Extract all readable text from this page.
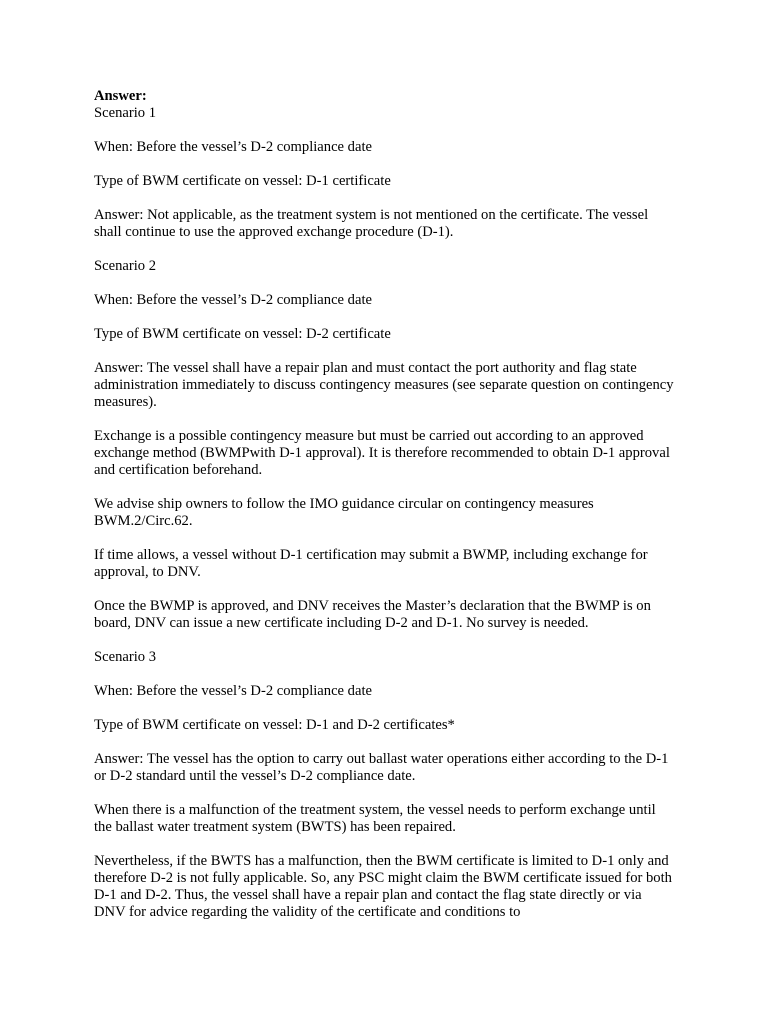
Answer:

Scenario 1

When: Before the vessel’s D-2 compliance date

Type of BWM certificate on vessel: D-1 certificate

Answer: Not applicable, as the treatment system is not mentioned on the certificate. The vessel shall continue to use the approved exchange procedure (D-1).

Scenario 2

When: Before the vessel’s D-2 compliance date

Type of BWM certificate on vessel: D-2 certificate

Answer: The vessel shall have a repair plan and must contact the port authority and flag state administration immediately to discuss contingency measures (see separate question on contingency measures).

Exchange is a possible contingency measure but must be carried out according to an approved exchange method (BWMPwith D-1 approval). It is therefore recommended to obtain D-1 approval and certification beforehand.

We advise ship owners to follow the IMO guidance circular on contingency measures BWM.2/Circ.62.

If time allows, a vessel without D-1 certification may submit a BWMP, including exchange for approval, to DNV.

Once the BWMP is approved, and DNV receives the Master’s declaration that the BWMP is on board, DNV can issue a new certificate including D-2 and D-1. No survey is needed.

Scenario 3

When: Before the vessel’s D-2 compliance date

Type of BWM certificate on vessel: D-1 and D-2 certificates*

Answer: The vessel has the option to carry out ballast water operations either according to the D-1 or D-2 standard until the vessel’s D-2 compliance date.

When there is a malfunction of the treatment system, the vessel needs to perform exchange until the ballast water treatment system (BWTS) has been repaired.

Nevertheless, if the BWTS has a malfunction, then the BWM certificate is limited to D-1 only and therefore D-2 is not fully applicable. So, any PSC might claim the BWM certificate issued for both D-1 and D-2. Thus, the vessel shall have a repair plan and contact the flag state directly or via DNV for advice regarding the validity of the certificate and conditions to
